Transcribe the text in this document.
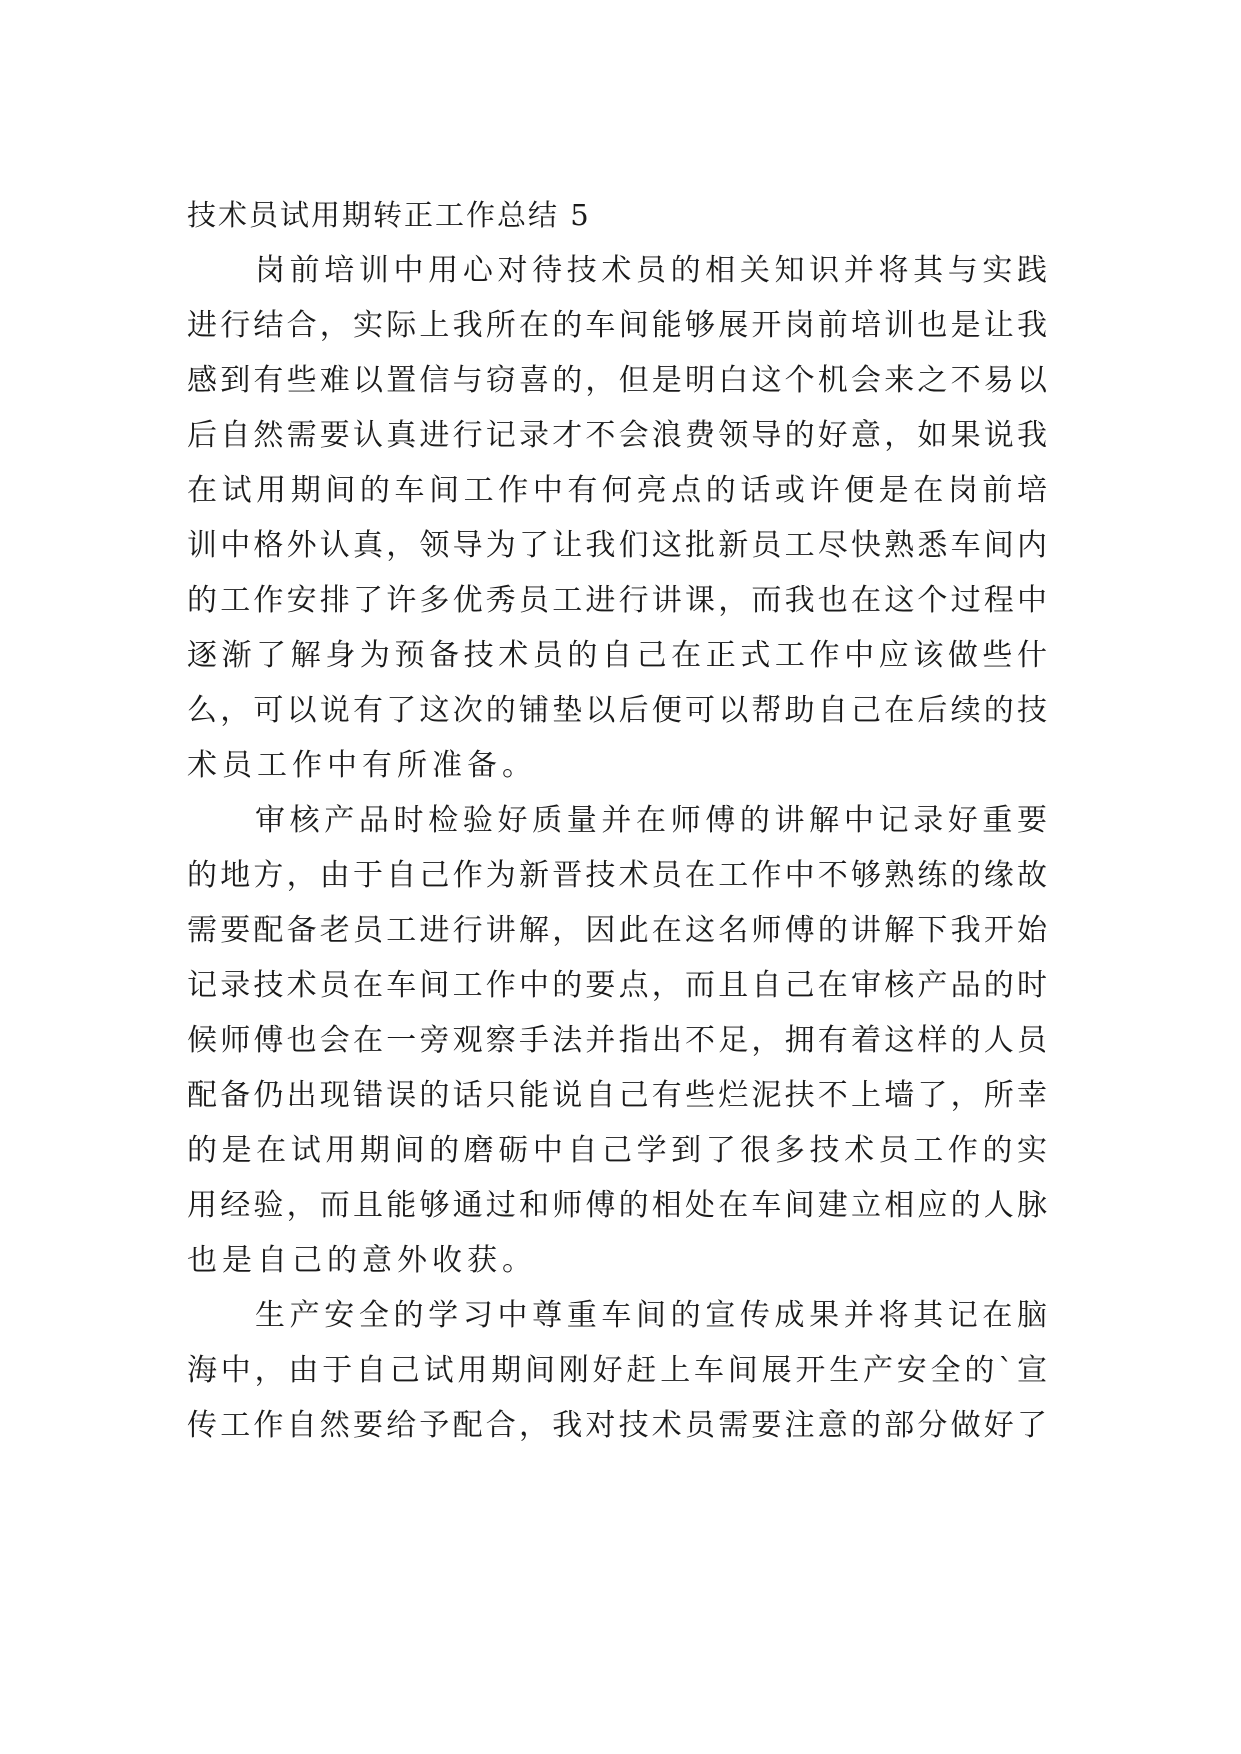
技术员试用期转正工作总结 5
岗前培训中用心对待技术员的相关知识并将其与实践
进行结合，实际上我所在的车间能够展开岗前培训也是让我
感到有些难以置信与窃喜的，但是明白这个机会来之不易以
后自然需要认真进行记录才不会浪费领导的好意，如果说我
在试用期间的车间工作中有何亮点的话或许便是在岗前培
训中格外认真，领导为了让我们这批新员工尽快熟悉车间内
的工作安排了许多优秀员工进行讲课，而我也在这个过程中
逐渐了解身为预备技术员的自己在正式工作中应该做些什
么，可以说有了这次的铺垫以后便可以帮助自己在后续的技
术员工作中有所准备。
审核产品时检验好质量并在师傅的讲解中记录好重要
的地方，由于自己作为新晋技术员在工作中不够熟练的缘故
需要配备老员工进行讲解，因此在这名师傅的讲解下我开始
记录技术员在车间工作中的要点，而且自己在审核产品的时
候师傅也会在一旁观察手法并指出不足，拥有着这样的人员
配备仍出现错误的话只能说自己有些烂泥扶不上墙了，所幸
的是在试用期间的磨砺中自己学到了很多技术员工作的实
用经验，而且能够通过和师傅的相处在车间建立相应的人脉
也是自己的意外收获。
生产安全的学习中尊重车间的宣传成果并将其记在脑
海中，由于自己试用期间刚好赶上车间展开生产安全的`宣
传工作自然要给予配合，我对技术员需要注意的部分做好了
